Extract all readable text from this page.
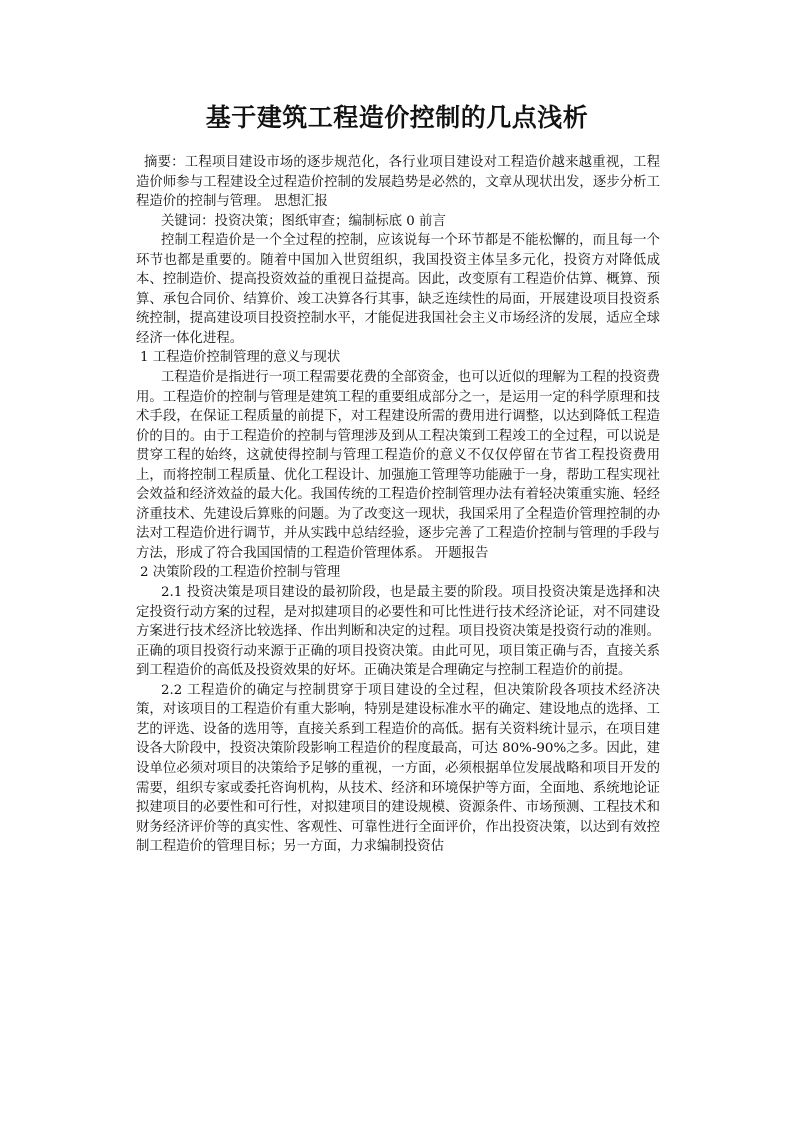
基于建筑工程造价控制的几点浅析

摘要：工程项目建设市场的逐步规范化，各行业项目建设对工程造价越来越重视，工程造价师参与工程建设全过程造价控制的发展趋势是必然的，文章从现状出发，逐步分析工程造价的控制与管理。 思想汇报

关键词：投资决策；图纸审查；编制标底 0 前言

控制工程造价是一个全过程的控制，应该说每一个环节都是不能松懈的，而且每一个环节也都是重要的。随着中国加入世贸组织，我国投资主体呈多元化，投资方对降低成本、控制造价、提高投资效益的重视日益提高。因此，改变原有工程造价估算、概算、预算、承包合同价、结算价、竣工决算各行其事，缺乏连续性的局面，开展建设项目投资系统控制，提高建设项目投资控制水平，才能促进我国社会主义市场经济的发展，适应全球经济一体化进程。

1 工程造价控制管理的意义与现状

工程造价是指进行一项工程需要花费的全部资金，也可以近似的理解为工程的投资费用。工程造价的控制与管理是建筑工程的重要组成部分之一，是运用一定的科学原理和技术手段，在保证工程质量的前提下，对工程建设所需的费用进行调整，以达到降低工程造价的目的。由于工程造价的控制与管理涉及到从工程决策到工程竣工的全过程，可以说是贯穿工程的始终，这就使得控制与管理工程造价的意义不仅仅停留在节省工程投资费用上，而将控制工程质量、优化工程设计、加强施工管理等功能融于一身，帮助工程实现社会效益和经济效益的最大化。我国传统的工程造价控制管理办法有着轻决策重实施、轻经济重技术、先建设后算账的问题。为了改变这一现状，我国采用了全程造价管理控制的办法对工程造价进行调节，并从实践中总结经验，逐步完善了工程造价控制与管理的手段与方法，形成了符合我国国情的工程造价管理体系。 开题报告

2 决策阶段的工程造价控制与管理

2.1 投资决策是项目建设的最初阶段，也是最主要的阶段。项目投资决策是选择和决定投资行动方案的过程，是对拟建项目的必要性和可比性进行技术经济论证，对不同建设方案进行技术经济比较选择、作出判断和决定的过程。项目投资决策是投资行动的准则。正确的项目投资行动来源于正确的项目投资决策。由此可见，项目策正确与否，直接关系到工程造价的高低及投资效果的好坏。正确决策是合理确定与控制工程造价的前提。

2.2 工程造价的确定与控制贯穿于项目建设的全过程，但决策阶段各项技术经济决策，对该项目的工程造价有重大影响，特别是建设标准水平的确定、建设地点的选择、工艺的评选、设备的选用等，直接关系到工程造价的高低。据有关资料统计显示，在项目建设各大阶段中，投资决策阶段影响工程造价的程度最高，可达 80%-90%之多。因此，建设单位必须对项目的决策给予足够的重视，一方面，必须根据单位发展战略和项目开发的需要，组织专家或委托咨询机构，从技术、经济和环境保护等方面，全面地、系统地论证拟建项目的必要性和可行性，对拟建项目的建设规模、资源条件、市场预测、工程技术和财务经济评价等的真实性、客观性、可靠性进行全面评价，作出投资决策，以达到有效控制工程造价的管理目标；另一方面，力求编制投资估
